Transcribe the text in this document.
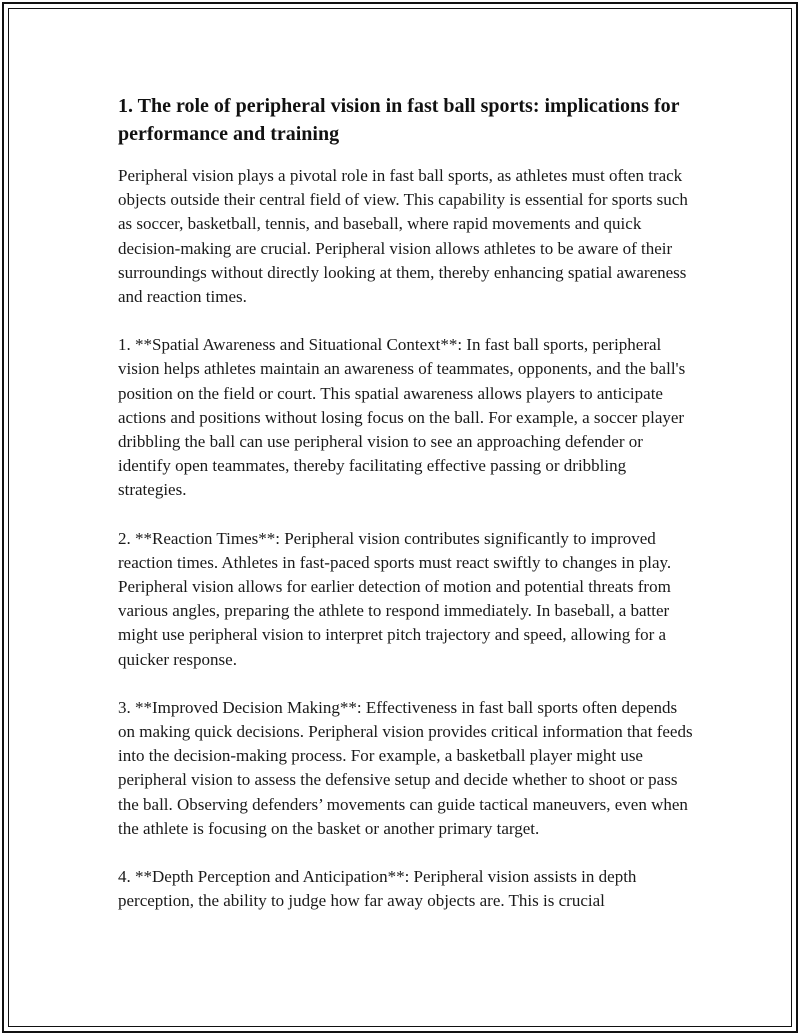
1. The role of peripheral vision in fast ball sports: implications for performance and training

Peripheral vision plays a pivotal role in fast ball sports, as athletes must often track objects outside their central field of view. This capability is essential for sports such as soccer, basketball, tennis, and baseball, where rapid movements and quick decision-making are crucial. Peripheral vision allows athletes to be aware of their surroundings without directly looking at them, thereby enhancing spatial awareness and reaction times.

1. **Spatial Awareness and Situational Context**: In fast ball sports, peripheral vision helps athletes maintain an awareness of teammates, opponents, and the ball's position on the field or court. This spatial awareness allows players to anticipate actions and positions without losing focus on the ball. For example, a soccer player dribbling the ball can use peripheral vision to see an approaching defender or identify open teammates, thereby facilitating effective passing or dribbling strategies.

2. **Reaction Times**: Peripheral vision contributes significantly to improved reaction times. Athletes in fast-paced sports must react swiftly to changes in play. Peripheral vision allows for earlier detection of motion and potential threats from various angles, preparing the athlete to respond immediately. In baseball, a batter might use peripheral vision to interpret pitch trajectory and speed, allowing for a quicker response.

3. **Improved Decision Making**: Effectiveness in fast ball sports often depends on making quick decisions. Peripheral vision provides critical information that feeds into the decision-making process. For example, a basketball player might use peripheral vision to assess the defensive setup and decide whether to shoot or pass the ball. Observing defenders’ movements can guide tactical maneuvers, even when the athlete is focusing on the basket or another primary target.

4. **Depth Perception and Anticipation**: Peripheral vision assists in depth perception, the ability to judge how far away objects are. This is crucial
